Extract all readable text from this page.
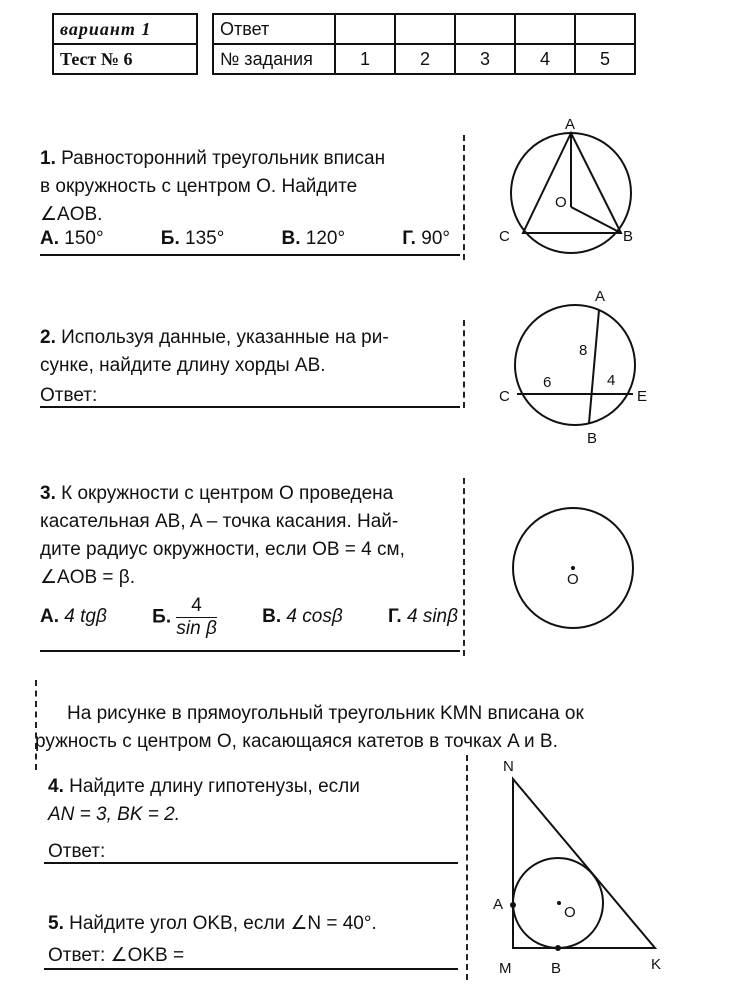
вариант 1
Тест № 6
Ответ					
№ задания	1	2	3	4	5
1. Равносторонний треугольник вписан
в окружность с центром O. Найдите
∠AOB.
А. 150°	Б. 135°	В. 120°	Г. 90°
A
O
C	B
2. Используя данные, указанные на ри-
сунке, найдите длину хорды AB.
Ответ:
A
B
C	E
8
6	4
3. К окружности с центром O проведена
касательная AB, A – точка касания. Най-
дите радиус окружности, если OB = 4 см,
∠AOB = β.
А. 4 tgβ Б. $\frac{4}{\text{sin β}} В$. 4 cosβ Г. 4 sinβ
O
На рисунке в прямоугольный треугольник KMN вписана ок
ружность с центром O, касающаяся катетов в точках A и B.
4. Найдите длину гипотенузы, если
AN = 3, BK = 2.
Ответ:
5. Найдите угол OKB, если ∠N = 40°.
Ответ: ∠OKB =
N
A	O
M	B	K
